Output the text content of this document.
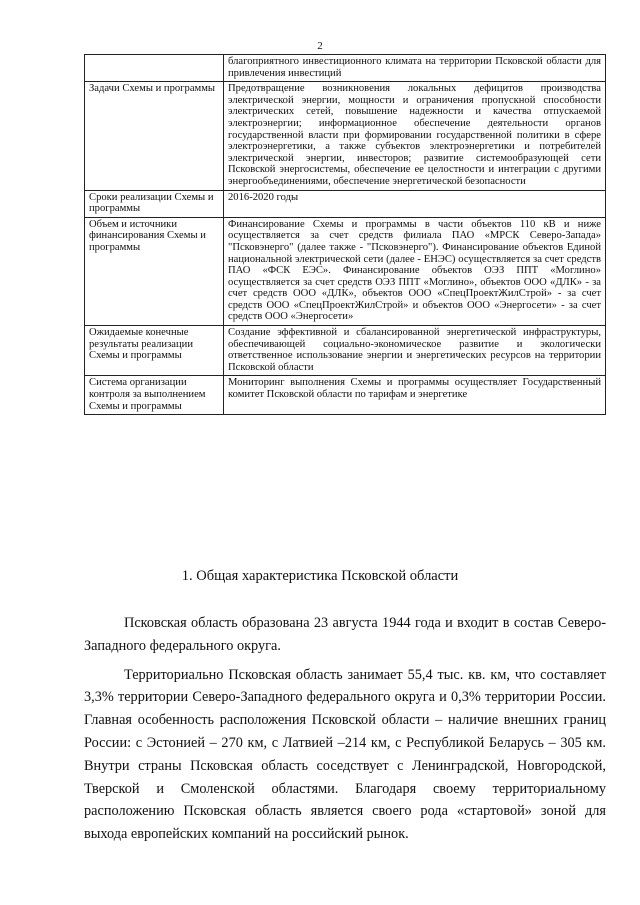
2
	благоприятного инвестиционного климата на территории Псковской области для привлечения инвестиций
Задачи Схемы и программы	Предотвращение возникновения локальных дефицитов производства электрической энергии, мощности и ограничения пропускной способности электрических сетей, повышение надежности и качества отпускаемой электроэнергии; информационное обеспечение деятельности органов государственной власти при формировании государственной политики в сфере электроэнергетики, а также субъектов электроэнергетики и потребителей электрической энергии, инвесторов; развитие системообразующей сети Псковской энергосистемы, обеспечение ее целостности и интеграции с другими энергообъединениями, обеспечение энергетической безопасности
Сроки реализации Схемы и программы	2016-2020 годы
Объем и источники финансирования Схемы и программы	Финансирование Схемы и программы в части объектов 110 кВ и ниже осуществляется за счет средств филиала ПАО «МРСК Северо-Запада» "Псковэнерго" (далее также - "Псковэнерго"). Финансирование объектов Единой национальной электрической сети (далее - ЕНЭС) осуществляется за счет средств ПАО «ФСК ЕЭС». Финансирование объектов ОЭЗ ППТ «Моглино» осуществляется за счет средств ОЭЗ ППТ «Моглино», объектов ООО «ДЛК» - за счет средств ООО «ДЛК», объектов ООО «СпецПроектЖилСтрой» - за счет средств ООО «СпецПроектЖилСтрой» и объектов ООО «Энергосети» - за счет средств ООО «Энергосети»
Ожидаемые конечные результаты реализации Схемы и программы	Создание эффективной и сбалансированной энергетической инфраструктуры, обеспечивающей социально-экономическое развитие и экологически ответственное использование энергии и энергетических ресурсов на территории Псковской области
Система организации контроля за выполнением Схемы и программы	Мониторинг выполнения Схемы и программы осуществляет Государственный комитет Псковской области по тарифам и энергетике
1. Общая характеристика Псковской области

Псковская область образована 23 августа 1944 года и входит в состав Северо-Западного федерального округа.

Территориально Псковская область занимает 55,4 тыс. кв. км, что составляет 3,3% территории Северо-Западного федерального округа и 0,3% территории России. Главная особенность расположения Псковской области – наличие внешних границ России: с Эстонией – 270 км, с Латвией –214 км, с Республикой Беларусь – 305 км. Внутри страны Псковская область соседствует с Ленинградской, Новгородской, Тверской и Смоленской областями. Благодаря своему территориальному расположению Псковская область является своего рода «стартовой» зоной для выхода европейских компаний на российский рынок.
